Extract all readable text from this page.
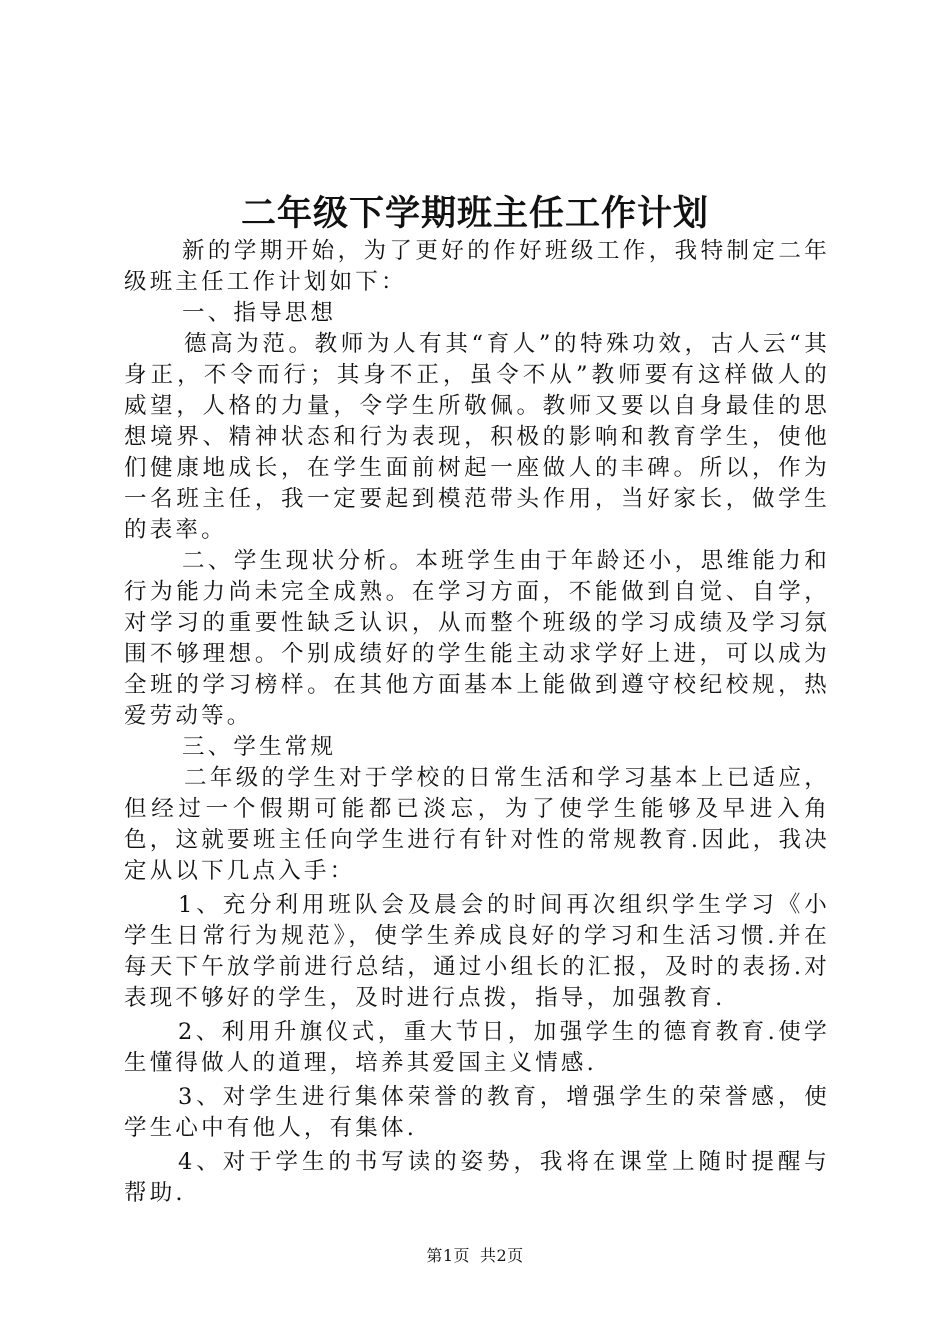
二年级下学期班主任工作计划

新的学期开始，为了更好的作好班级工作，我特制定二年级班主任工作计划如下：

一、指导思想

德高为范。教师为人有其“育人”的特殊功效，古人云“其身正，不令而行；其身不正，虽令不从”教师要有这样做人的威望，人格的力量，令学生所敬佩。教师又要以自身最佳的思想境界、精神状态和行为表现，积极的影响和教育学生，使他们健康地成长，在学生面前树起一座做人的丰碑。所以，作为一名班主任，我一定要起到模范带头作用，当好家长，做学生的表率。

二、学生现状分析。本班学生由于年龄还小，思维能力和行为能力尚未完全成熟。在学习方面，不能做到自觉、自学，对学习的重要性缺乏认识，从而整个班级的学习成绩及学习氛围不够理想。个别成绩好的学生能主动求学好上进，可以成为全班的学习榜样。在其他方面基本上能做到遵守校纪校规，热爱劳动等。

三、学生常规

二年级的学生对于学校的日常生活和学习基本上已适应，但经过一个假期可能都已淡忘，为了使学生能够及早进入角色，这就要班主任向学生进行有针对性的常规教育.因此，我决定从以下几点入手：

1、充分利用班队会及晨会的时间再次组织学生学习《小学生日常行为规范》，使学生养成良好的学习和生活习惯.并在每天下午放学前进行总结，通过小组长的汇报，及时的表扬.对表现不够好的学生，及时进行点拨，指导，加强教育.

2、利用升旗仪式，重大节日，加强学生的德育教育.使学生懂得做人的道理，培养其爱国主义情感.

3、对学生进行集体荣誉的教育，增强学生的荣誉感，使学生心中有他人，有集体.

4、对于学生的书写读的姿势，我将在课堂上随时提醒与帮助.

第1页 共2页
